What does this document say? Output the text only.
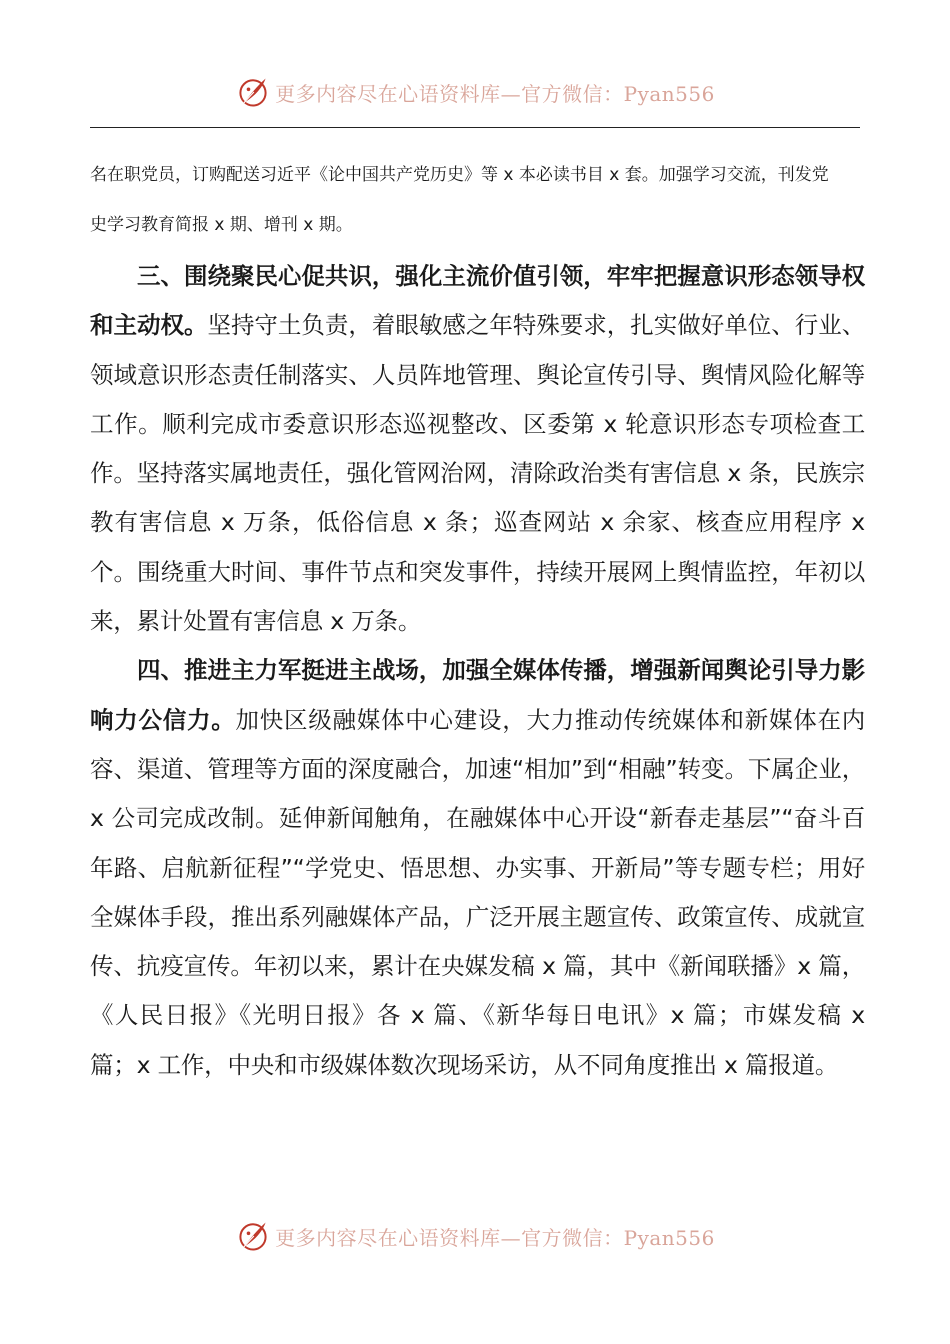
更多内容尽在心语资料库—官方微信：Pyan556
名在职党员，订购配送习近平《论中国共产党历史》等 x 本必读书目 x 套。加强学习交流，刊发党
史学习教育简报 x 期、增刊 x 期。

三、围绕聚民心促共识，强化主流价值引领，牢牢把握意识形态领导权和主动权。坚持守土负责，着眼敏感之年特殊要求，扎实做好单位、行业、领域意识形态责任制落实、人员阵地管理、舆论宣传引导、舆情风险化解等工作。顺利完成市委意识形态巡视整改、区委第 x 轮意识形态专项检查工作。坚持落实属地责任，强化管网治网，清除政治类有害信息 x 条，民族宗教有害信息 x 万条，低俗信息 x 条；巡查网站 x 余家、核查应用程序 x 个。围绕重大时间、事件节点和突发事件，持续开展网上舆情监控，年初以来，累计处置有害信息 x 万条。

四、推进主力军挺进主战场，加强全媒体传播，增强新闻舆论引导力影响力公信力。加快区级融媒体中心建设，大力推动传统媒体和新媒体在内容、渠道、管理等方面的深度融合，加速“相加”到“相融”转变。下属企业，x 公司完成改制。延伸新闻触角，在融媒体中心开设“新春走基层”“奋斗百年路、启航新征程”“学党史、悟思想、办实事、开新局”等专题专栏；用好全媒体手段，推出系列融媒体产品，广泛开展主题宣传、政策宣传、成就宣传、抗疫宣传。年初以来，累计在央媒发稿 x 篇，其中《新闻联播》x 篇，《人民日报》《光明日报》各 x 篇、《新华每日电讯》x 篇；市媒发稿 x 篇；x 工作，中央和市级媒体数次现场采访，从不同角度推出 x 篇报道。

更多内容尽在心语资料库—官方微信：Pyan556
